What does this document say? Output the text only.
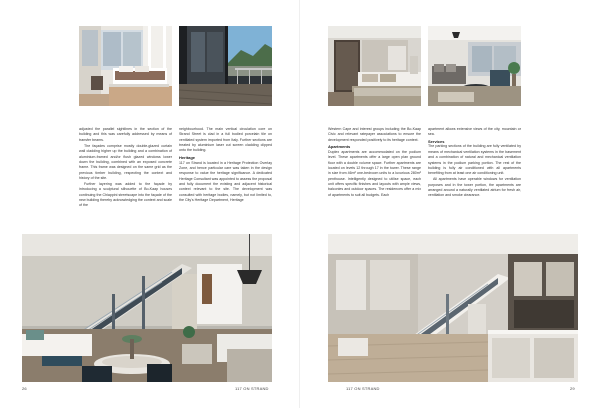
adjusted the parallel sightlines in the section of the building and this was carefully addressed by means of transfer beams.

The façades comprise mostly double-glazed curtain wall cladding higher up the building and a combination of aluminium-framed and/or flush glazed windows lower down the building, combined with an exposed concrete frame. This frame was designed on the same grid as the previous timber building, respecting the context and history of the site.

Further layering was added to the façade by introducing a sculptural silhouette of Bo-Kaap houses continuing the Chiappini streetscape into the façade of the new building thereby acknowledging the context and scale of the

neighbourhood. The main vertical circulation core on Strand Street is clad in a full bodied porcelain tile on ventilated system imported from Italy. Further sections are treated by aluminium laser cut screen cladding clipped onto the building.

Heritage

117 on Strand is located in a Heritage Protection Overlay Zone, and hence particular care was taken in the design response to value the heritage significance. A dedicated Heritage Consultant was appointed to assess the proposal and fully document the existing and adjacent historical context relevant to the site. The development was consulted with heritage bodies, namely, but not limited to, the City's Heritage Department, Heritage

26	117 ON STRAND

Western Cape and interest groups including the Bo-Kaap Civic and relevant ratepayer associations to ensure the development responded positively to its heritage context.

Apartments

Duplex apartments are accommodated on the podium level. These apartments offer a large open plan ground floor with a double volume space. Further apartments are located on levels 12 through 17 in the tower. These range in size from 46m² one-bedroom units to a luxurious 280m² penthouse. Intelligently designed to utilise space, each unit offers specific finishes and layouts with ample views, balconies and outdoor spaces. The residences offer a mix of apartments to suit all budgets. Each

apartment allows extensive views of the city, mountain or sea.

Services

The parking sections of the building are fully ventilated by means of mechanical ventilation systems in the basement and a combination of natural and mechanical ventilation systems in the podium parking portion. The rest of the building is fully air conditioned with all apartments benefiting from at least one air conditioning unit.

All apartments have operable windows for ventilation purposes and in the tower portion, the apartments are arranged around a naturally ventilated atrium for fresh air, ventilation and smoke clearance.

117 ON STRAND	29
